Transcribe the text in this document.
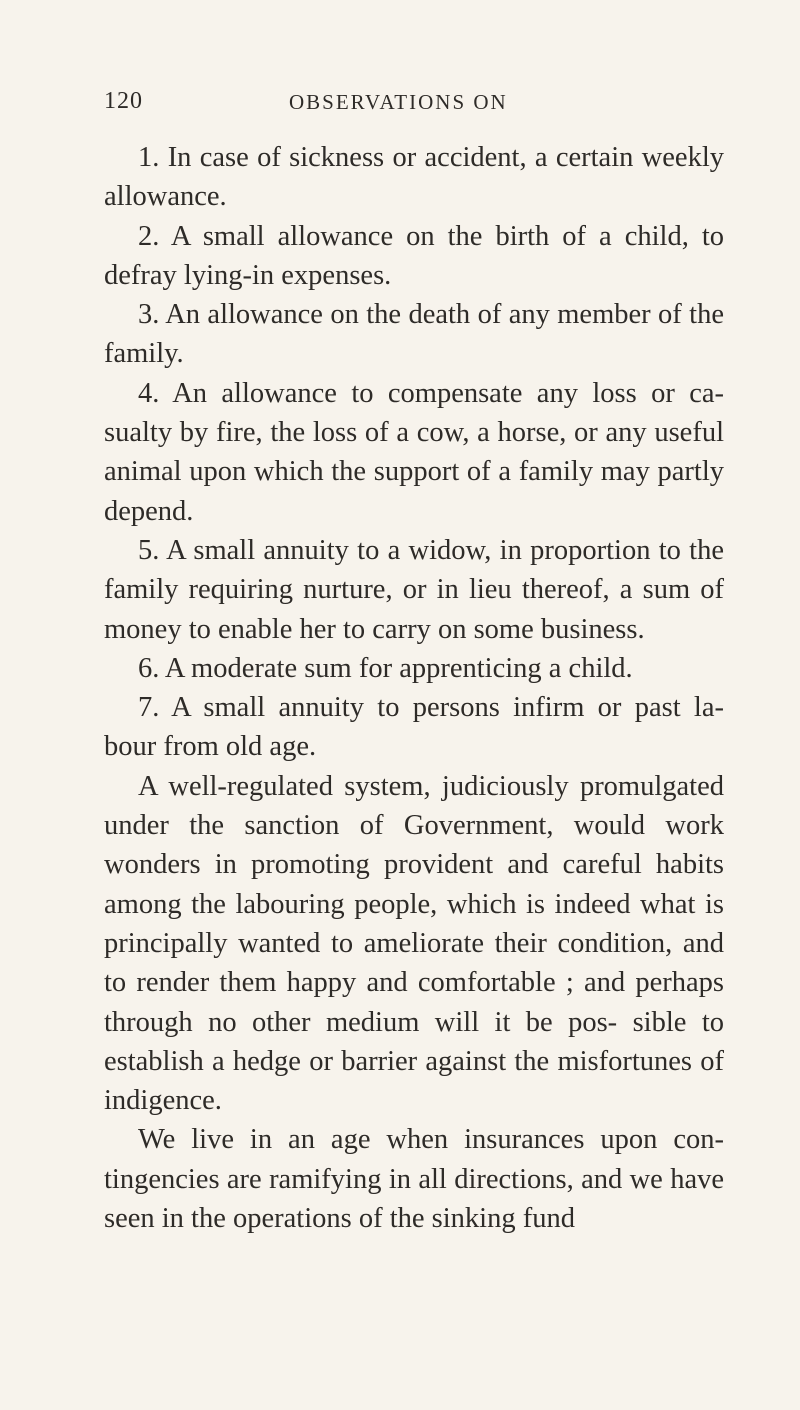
120	OBSERVATIONS ON

1. In case of sickness or accident, a certain weekly allowance.

2. A small allowance on the birth of a child, to defray lying-in expenses.

3. An allowance on the death of any member of the family.

4. An allowance to compensate any loss or ca- sualty by fire, the loss of a cow, a horse, or any useful animal upon which the support of a family may partly depend.

5. A small annuity to a widow, in proportion to the family requiring nurture, or in lieu thereof, a sum of money to enable her to carry on some business.

6. A moderate sum for apprenticing a child.

7. A small annuity to persons infirm or past la- bour from old age.

A well-regulated system, judiciously promulgated under the sanction of Government, would work wonders in promoting provident and careful habits among the labouring people, which is indeed what is principally wanted to ameliorate their condition, and to render them happy and comfortable ; and perhaps through no other medium will it be pos- sible to establish a hedge or barrier against the misfortunes of indigence.

We live in an age when insurances upon con- tingencies are ramifying in all directions, and we have seen in the operations of the sinking fund
